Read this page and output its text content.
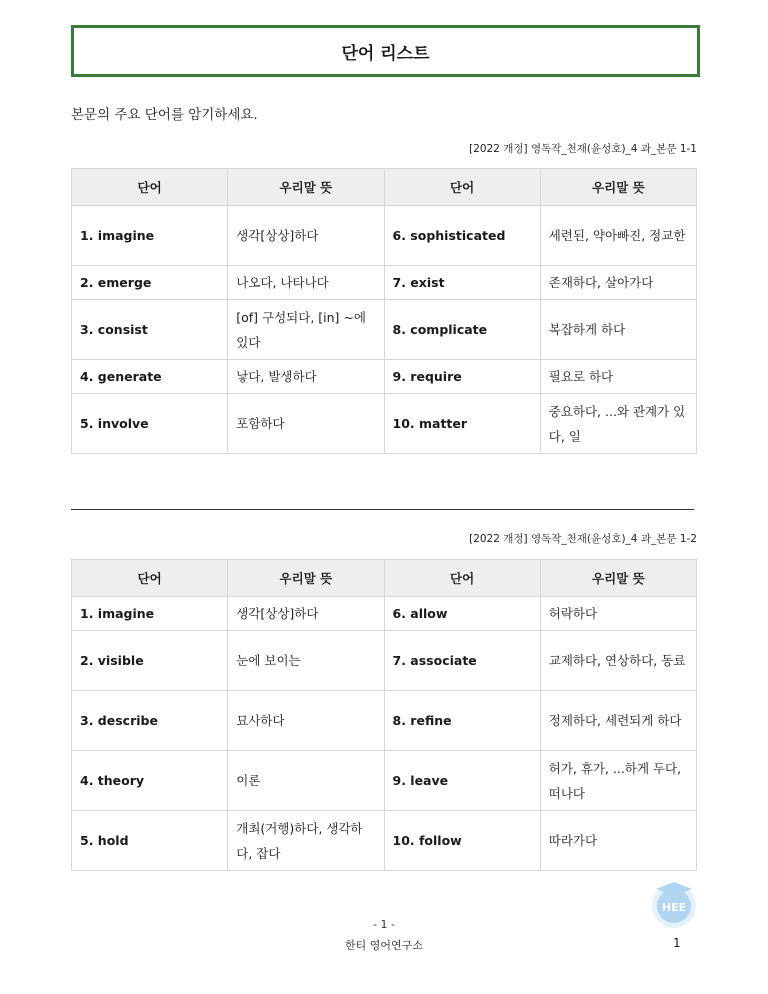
단어 리스트
본문의 주요 단어를 암기하세요.
[2022 개정] 영독작_천재(윤성호)_4 과_본문 1-1
단어	우리말 뜻	단어	우리말 뜻
1. imagine	생각[상상]하다	6. sophisticated	세련된, 약아빠진, 정교한
2. emerge	나오다, 나타나다	7. exist	존재하다, 살아가다
3. consist	[of] 구성되다, [in] ~에 있다	8. complicate	복잡하게 하다
4. generate	낳다, 발생하다	9. require	필요로 하다
5. involve	포함하다	10. matter	중요하다, ...와 관계가 있다, 일
[2022 개정] 영독작_천재(윤성호)_4 과_본문 1-2
단어	우리말 뜻	단어	우리말 뜻
1. imagine	생각[상상]하다	6. allow	허락하다
2. visible	눈에 보이는	7. associate	교제하다, 연상하다, 동료
3. describe	묘사하다	8. refine	정제하다, 세련되게 하다
4. theory	이론	9. leave	허가, 휴가, ...하게 두다, 떠나다
5. hold	개최(거행)하다, 생각하다, 잡다	10. follow	따라가다
- 1 -
한티 영어연구소	1
HEE
